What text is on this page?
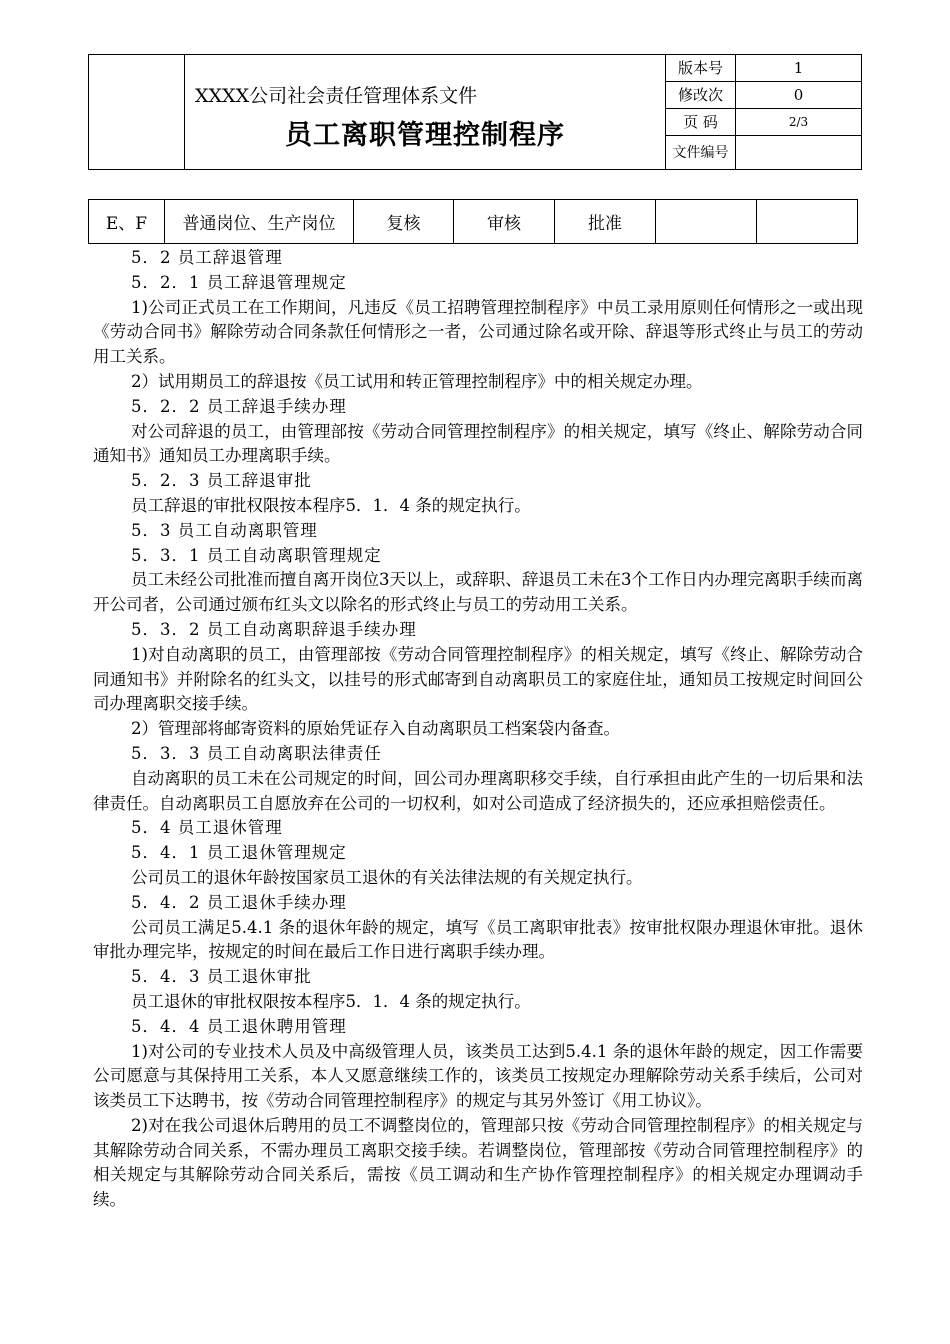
XXXX公司社会责任管理体系文件
员工离职管理控制程序
版本号	1
修改次	0
页 码	2/3
文件编号
E、F	普通岗位、生产岗位	复核	审核	批准

5．2 员工辞退管理

5．2．1 员工辞退管理规定

1)公司正式员工在工作期间，凡违反《员工招聘管理控制程序》中员工录用原则任何情形之一或出现《劳动合同书》解除劳动合同条款任何情形之一者，公司通过除名或开除、辞退等形式终止与员工的劳动用工关系。

2）试用期员工的辞退按《员工试用和转正管理控制程序》中的相关规定办理。

5．2．2 员工辞退手续办理

对公司辞退的员工，由管理部按《劳动合同管理控制程序》的相关规定，填写《终止、解除劳动合同通知书》通知员工办理离职手续。

5．2．3 员工辞退审批

员工辞退的审批权限按本程序5．1．4 条的规定执行。

5．3 员工自动离职管理

5．3．1 员工自动离职管理规定

员工未经公司批准而擅自离开岗位3天以上，或辞职、辞退员工未在3个工作日内办理完离职手续而离开公司者，公司通过颁布红头文以除名的形式终止与员工的劳动用工关系。

5．3．2 员工自动离职辞退手续办理

1)对自动离职的员工，由管理部按《劳动合同管理控制程序》的相关规定，填写《终止、解除劳动合同通知书》并附除名的红头文，以挂号的形式邮寄到自动离职员工的家庭住址，通知员工按规定时间回公司办理离职交接手续。

2）管理部将邮寄资料的原始凭证存入自动离职员工档案袋内备查。

5．3．3 员工自动离职法律责任

自动离职的员工未在公司规定的时间，回公司办理离职移交手续，自行承担由此产生的一切后果和法律责任。自动离职员工自愿放弃在公司的一切权利，如对公司造成了经济损失的，还应承担赔偿责任。

5．4 员工退休管理

5．4．1 员工退休管理规定

公司员工的退休年龄按国家员工退休的有关法律法规的有关规定执行。

5．4．2 员工退休手续办理

公司员工满足5.4.1 条的退休年龄的规定，填写《员工离职审批表》按审批权限办理退休审批。退休审批办理完毕，按规定的时间在最后工作日进行离职手续办理。

5．4．3 员工退休审批

员工退休的审批权限按本程序5．1．4 条的规定执行。

5．4．4 员工退休聘用管理

1)对公司的专业技术人员及中高级管理人员，该类员工达到5.4.1 条的退休年龄的规定，因工作需要公司愿意与其保持用工关系，本人又愿意继续工作的，该类员工按规定办理解除劳动关系手续后，公司对该类员工下达聘书，按《劳动合同管理控制程序》的规定与其另外签订《用工协议》。

2)对在我公司退休后聘用的员工不调整岗位的，管理部只按《劳动合同管理控制程序》的相关规定与其解除劳动合同关系，不需办理员工离职交接手续。若调整岗位，管理部按《劳动合同管理控制程序》的相关规定与其解除劳动合同关系后，需按《员工调动和生产协作管理控制程序》的相关规定办理调动手续。
